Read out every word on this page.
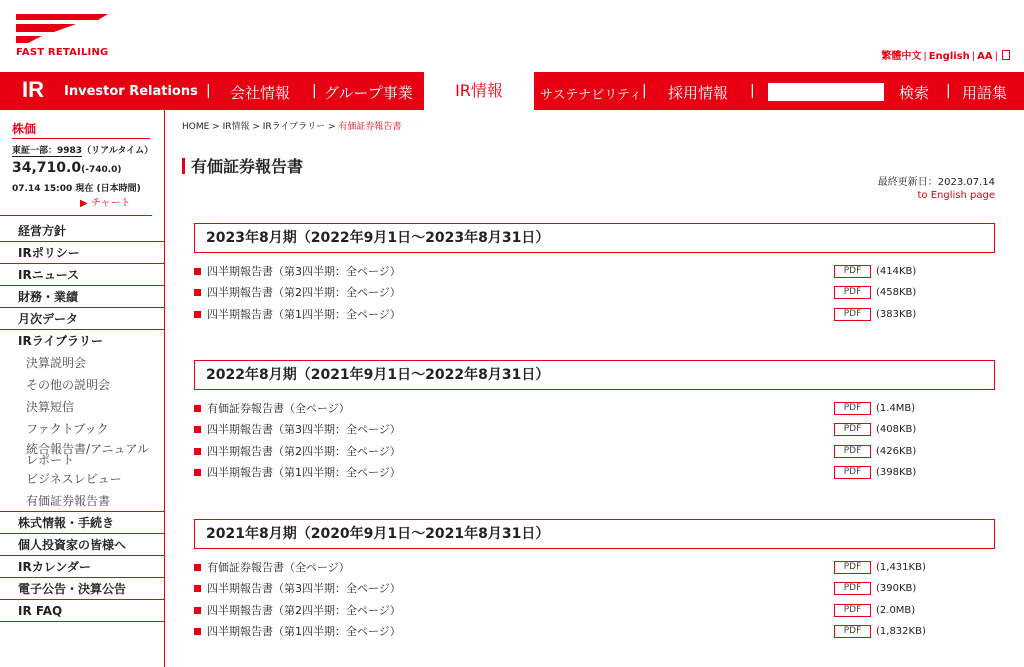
FAST RETAILING	繁體中文 | English | AA |
IR Investor Relations | 会社情報 | グループ事業	IR情報	サステナビリティ | 採用情報 |	検索 | 用語集
株価
東証一部：9983（リアルタイム）
34,710.0(-740.0)
07.14 15:00 現在 (日本時間)
▶ チャート
経営方針
IRポリシー
IRニュース
財務・業績
月次データ
IRライブラリー
決算説明会
その他の説明会
決算短信
ファクトブック
統合報告書/アニュアルレポート
ビジネスレビュー
有価証券報告書
株式情報・手続き
個人投資家の皆様へ
IRカレンダー
電子公告・決算公告
IR FAQ
HOME > IR情報 > IRライブラリー > 有価証券報告書
有価証券報告書
最終更新日：2023.07.14
to English page
2023年8月期（2022年9月1日〜2023年8月31日）
四半期報告書（第3四半期：全ページ）	PDF	(414KB)
四半期報告書（第2四半期：全ページ）	PDF	(458KB)
四半期報告書（第1四半期：全ページ）	PDF	(383KB)
2022年8月期（2021年9月1日〜2022年8月31日）
有価証券報告書（全ページ）	PDF	(1.4MB)
四半期報告書（第3四半期：全ページ）	PDF	(408KB)
四半期報告書（第2四半期：全ページ）	PDF	(426KB)
四半期報告書（第1四半期：全ページ）	PDF	(398KB)
2021年8月期（2020年9月1日〜2021年8月31日）
有価証券報告書（全ページ）	PDF	(1,431KB)
四半期報告書（第3四半期：全ページ）	PDF	(390KB)
四半期報告書（第2四半期：全ページ）	PDF	(2.0MB)
四半期報告書（第1四半期：全ページ）	PDF	(1,832KB)
